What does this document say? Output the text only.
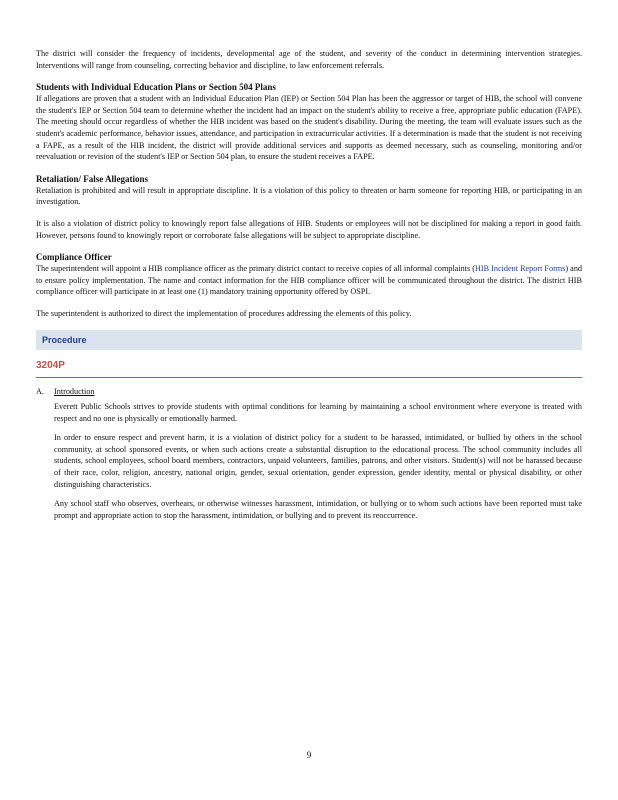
The district will consider the frequency of incidents, developmental age of the student, and severity of the conduct in determining intervention strategies. Interventions will range from counseling, correcting behavior and discipline, to law enforcement referrals.

Students with Individual Education Plans or Section 504 Plans

If allegations are proven that a student with an Individual Education Plan (IEP) or Section 504 Plan has been the aggressor or target of HIB, the school will convene the student's IEP or Section 504 team to determine whether the incident had an impact on the student's ability to receive a free, appropriate public education (FAPE). The meeting should occur regardless of whether the HIB incident was based on the student's disability. During the meeting, the team will evaluate issues such as the student's academic performance, behavior issues, attendance, and participation in extracurricular activities. If a determination is made that the student is not receiving a FAPE, as a result of the HIB incident, the district will provide additional services and supports as deemed necessary, such as counseling, monitoring and/or reevaluation or revision of the student's IEP or Section 504 plan, to ensure the student receives a FAPE.

Retaliation/ False Allegations

Retaliation is prohibited and will result in appropriate discipline. It is a violation of this policy to threaten or harm someone for reporting HIB, or participating in an investigation.

It is also a violation of district policy to knowingly report false allegations of HIB. Students or employees will not be disciplined for making a report in good faith. However, persons found to knowingly report or corroborate false allegations will be subject to appropriate discipline.

Compliance Officer

The superintendent will appoint a HIB compliance officer as the primary district contact to receive copies of all informal complaints (HIB Incident Report Forms) and to ensure policy implementation. The name and contact information for the HIB compliance officer will be communicated throughout the district. The district HIB compliance officer will participate in at least one (1) mandatory training opportunity offered by OSPI.

The superintendent is authorized to direct the implementation of procedures addressing the elements of this policy.

Procedure
3204P
A.	Introduction

Everett Public Schools strives to provide students with optimal conditions for learning by maintaining a school environment where everyone is treated with respect and no one is physically or emotionally harmed.

In order to ensure respect and prevent harm, it is a violation of district policy for a student to be harassed, intimidated, or bullied by others in the school community, at school sponsored events, or when such actions create a substantial disruption to the educational process. The school community includes all students, school employees, school board members, contractors, unpaid volunteers, families, patrons, and other visitors. Student(s) will not be harassed because of their race, color, religion, ancestry, national origin, gender, sexual orientation, gender expression, gender identity, mental or physical disability, or other distinguishing characteristics.

Any school staff who observes, overhears, or otherwise witnesses harassment, intimidation, or bullying or to whom such actions have been reported must take prompt and appropriate action to stop the harassment, intimidation, or bullying and to prevent its reoccurrence.

9
